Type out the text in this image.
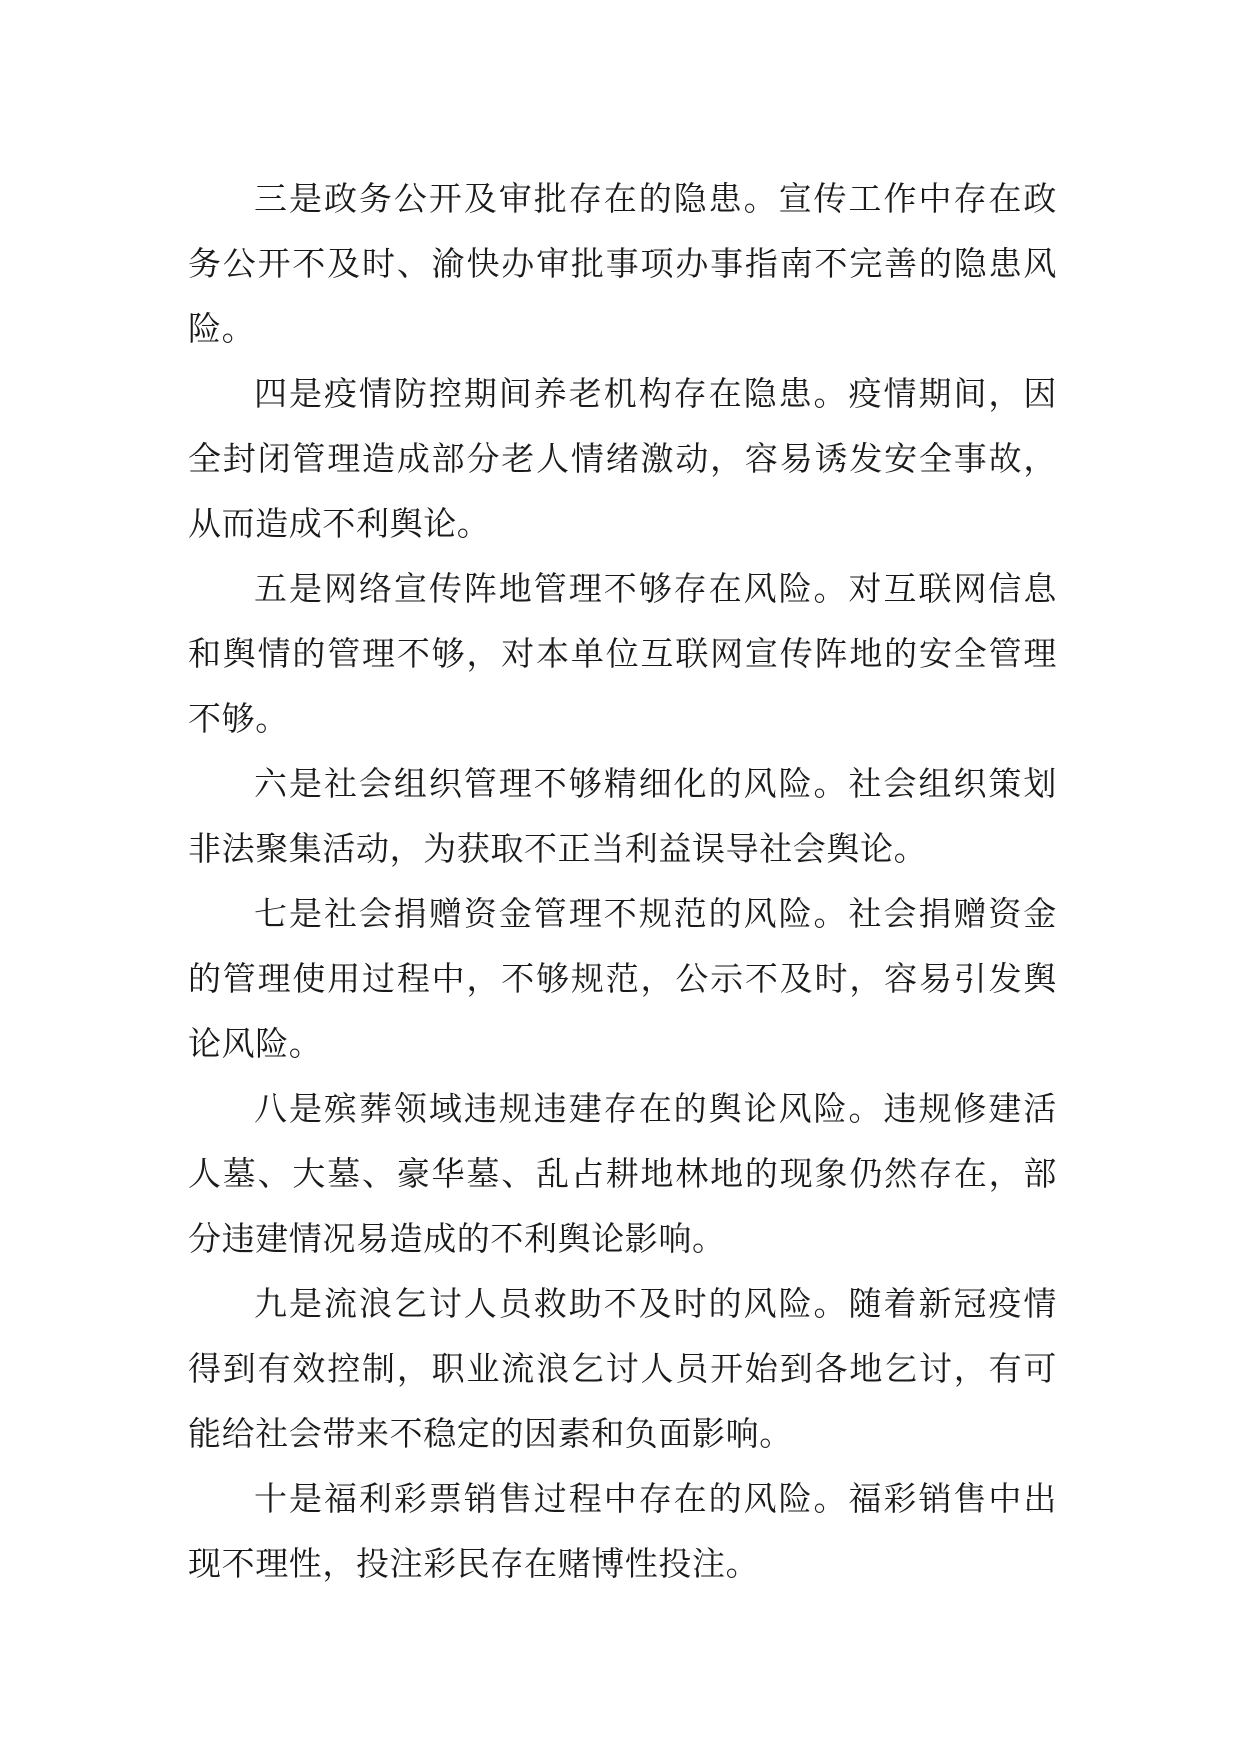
三是政务公开及审批存在的隐患。宣传工作中存在政务公开不及时、渝快办审批事项办事指南不完善的隐患风险。

四是疫情防控期间养老机构存在隐患。疫情期间，因全封闭管理造成部分老人情绪激动，容易诱发安全事故，从而造成不利舆论。

五是网络宣传阵地管理不够存在风险。对互联网信息和舆情的管理不够，对本单位互联网宣传阵地的安全管理不够。

六是社会组织管理不够精细化的风险。社会组织策划非法聚集活动，为获取不正当利益误导社会舆论。

七是社会捐赠资金管理不规范的风险。社会捐赠资金的管理使用过程中，不够规范，公示不及时，容易引发舆论风险。

八是殡葬领域违规违建存在的舆论风险。违规修建活人墓、大墓、豪华墓、乱占耕地林地的现象仍然存在，部分违建情况易造成的不利舆论影响。

九是流浪乞讨人员救助不及时的风险。随着新冠疫情得到有效控制，职业流浪乞讨人员开始到各地乞讨，有可能给社会带来不稳定的因素和负面影响。

十是福利彩票销售过程中存在的风险。福彩销售中出现不理性，投注彩民存在赌博性投注。
